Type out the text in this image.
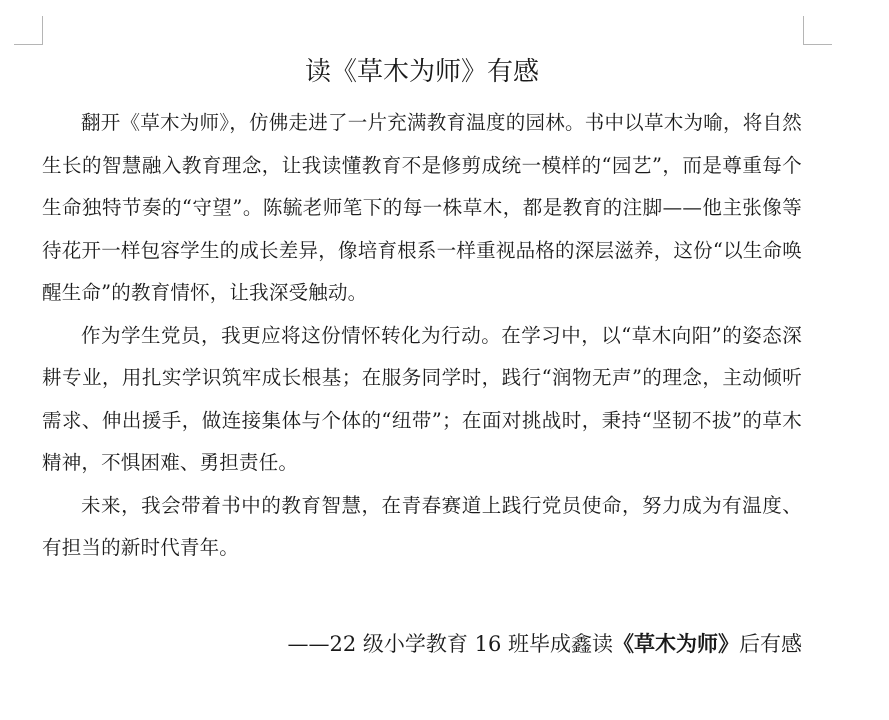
读《草木为师》有感

翻开《草木为师》，仿佛走进了一片充满教育温度的园林。书中以草木为喻，将自然生长的智慧融入教育理念，让我读懂教育不是修剪成统一模样的“园艺”，而是尊重每个生命独特节奏的“守望”。陈毓老师笔下的每一株草木，都是教育的注脚——他主张像等待花开一样包容学生的成长差异，像培育根系一样重视品格的深层滋养，这份“以生命唤醒生命”的教育情怀，让我深受触动。

作为学生党员，我更应将这份情怀转化为行动。在学习中，以“草木向阳”的姿态深耕专业，用扎实学识筑牢成长根基；在服务同学时，践行“润物无声”的理念，主动倾听需求、伸出援手，做连接集体与个体的“纽带”；在面对挑战时，秉持“坚韧不拔”的草木精神，不惧困难、勇担责任。

未来，我会带着书中的教育智慧，在青春赛道上践行党员使命，努力成为有温度、有担当的新时代青年。

——22 级小学教育 16 班毕成鑫读《草木为师》后有感
